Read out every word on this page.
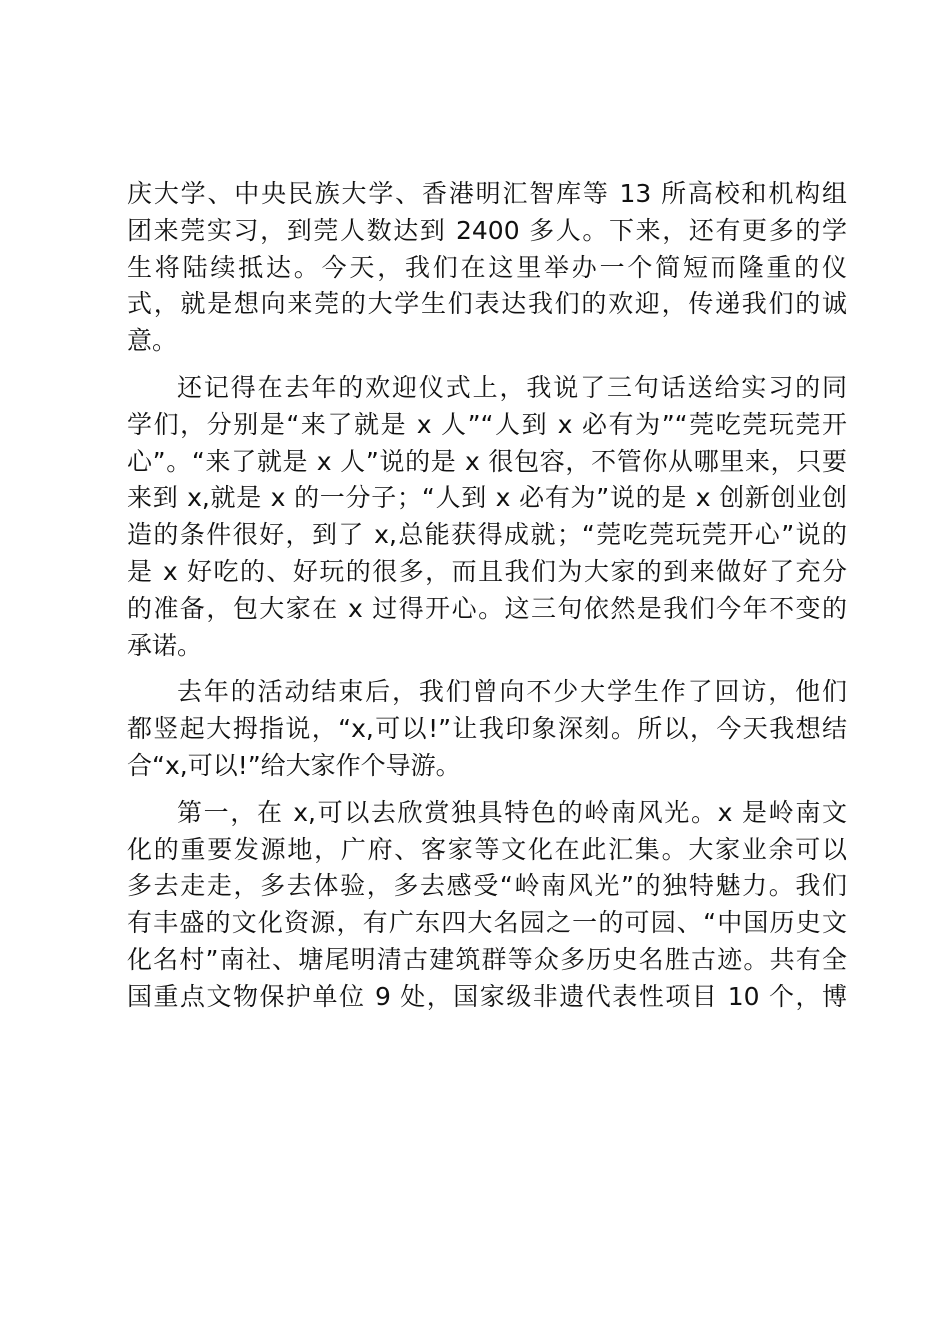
庆大学、中央民族大学、香港明汇智库等 13 所高校和机构组
团来莞实习，到莞人数达到 2400 多人。下来，还有更多的学
生将陆续抵达。今天，我们在这里举办一个简短而隆重的仪
式，就是想向来莞的大学生们表达我们的欢迎，传递我们的诚
意。
还记得在去年的欢迎仪式上，我说了三句话送给实习的同
学们，分别是“来了就是 x 人”“人到 x 必有为”“莞吃莞玩莞开
心”。“来了就是 x 人”说的是 x 很包容，不管你从哪里来，只要
来到 x,就是 x 的一分子；“人到 x 必有为”说的是 x 创新创业创
造的条件很好，到了 x,总能获得成就；“莞吃莞玩莞开心”说的
是 x 好吃的、好玩的很多，而且我们为大家的到来做好了充分
的准备，包大家在 x 过得开心。这三句依然是我们今年不变的
承诺。
去年的活动结束后，我们曾向不少大学生作了回访，他们
都竖起大拇指说，“x,可以!”让我印象深刻。所以，今天我想结
合“x,可以!”给大家作个导游。
第一，在 x,可以去欣赏独具特色的岭南风光。x 是岭南文
化的重要发源地，广府、客家等文化在此汇集。大家业余可以
多去走走，多去体验，多去感受“岭南风光”的独特魅力。我们
有丰盛的文化资源，有广东四大名园之一的可园、“中国历史文
化名村”南社、塘尾明清古建筑群等众多历史名胜古迹。共有全
国重点文物保护单位 9 处，国家级非遗代表性项目 10 个，博
